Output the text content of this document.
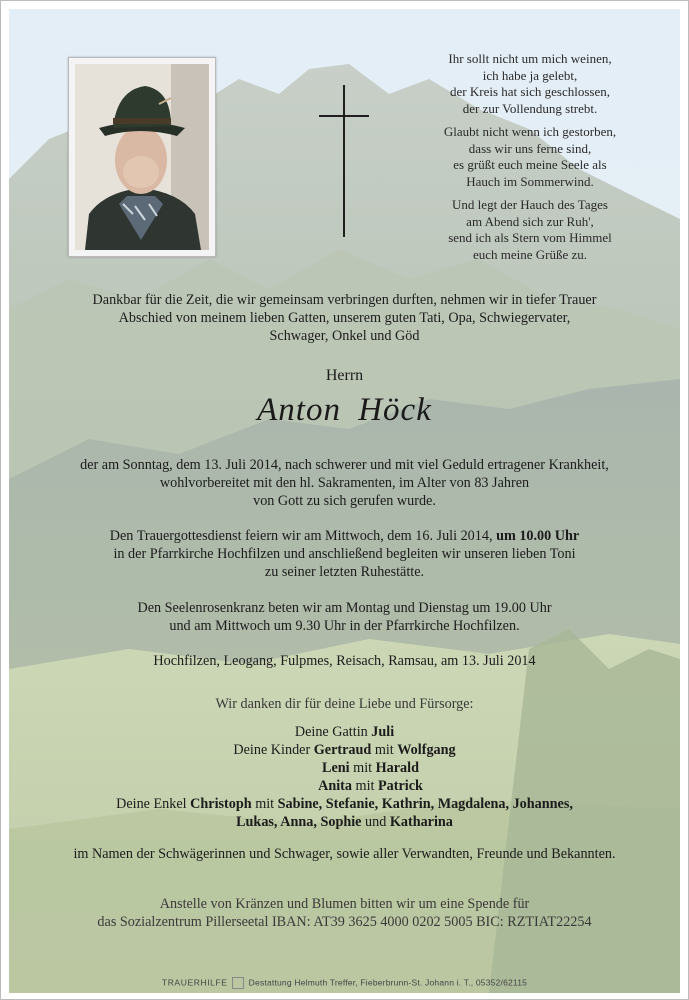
Ihr sollt nicht um mich weinen,
ich habe ja gelebt,
der Kreis hat sich geschlossen,
der zur Vollendung strebt.
Glaubt nicht wenn ich gestorben,
dass wir uns ferne sind,
es grüßt euch meine Seele als
Hauch im Sommerwind.
Und legt der Hauch des Tages
am Abend sich zur Ruh',
send ich als Stern vom Himmel
euch meine Grüße zu.
Dankbar für die Zeit, die wir gemeinsam verbringen durften, nehmen wir in tiefer Trauer
Abschied von meinem lieben Gatten, unserem guten Tati, Opa, Schwiegervater,
Schwager, Onkel und Göd
Herrn
Anton Höck
der am Sonntag, dem 13. Juli 2014, nach schwerer und mit viel Geduld ertragener Krankheit,
wohlvorbereitet mit den hl. Sakramenten, im Alter von 83 Jahren
von Gott zu sich gerufen wurde.
Den Trauergottesdienst feiern wir am Mittwoch, dem 16. Juli 2014, um 10.00 Uhr
in der Pfarrkirche Hochfilzen und anschließend begleiten wir unseren lieben Toni
zu seiner letzten Ruhestätte.
Den Seelenrosenkranz beten wir am Montag und Dienstag um 19.00 Uhr
und am Mittwoch um 9.30 Uhr in der Pfarrkirche Hochfilzen.
Hochfilzen, Leogang, Fulpmes, Reisach, Ramsau, am 13. Juli 2014
Wir danken dir für deine Liebe und Fürsorge:
Deine Gattin Juli
Deine Kinder Gertraud mit Wolfgang
Leni mit Harald
Anita mit Patrick
Deine Enkel Christoph mit Sabine, Stefanie, Kathrin, Magdalena, Johannes,
Lukas, Anna, Sophie und Katharina
im Namen der Schwägerinnen und Schwager, sowie aller Verwandten, Freunde und Bekannten.
Anstelle von Kränzen und Blumen bitten wir um eine Spende für
das Sozialzentrum Pillerseetal IBAN: AT39 3625 4000 0202 5005 BIC: RZTIAT22254
TRAUERHILFE Destattung Helmuth Treffer, Fieberbrunn-St. Johann i. T., 05352/62115
